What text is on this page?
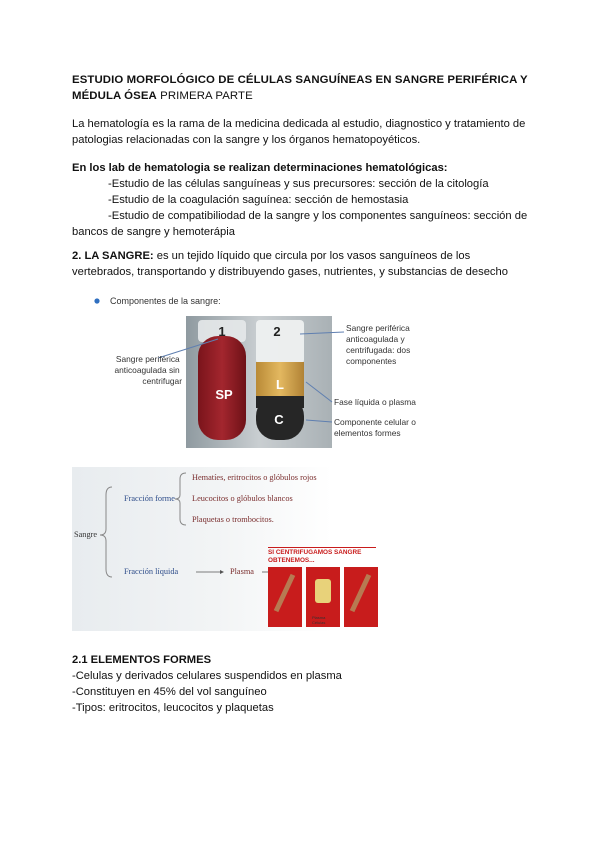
ESTUDIO MORFOLÓGICO DE CÉLULAS SANGUÍNEAS EN SANGRE PERIFÉRICA Y
MÉDULA ÓSEA PRIMERA PARTE
La hematología es la rama de la medicina dedicada al estudio, diagnostico y tratamiento de patologias relacionadas con la sangre y los órganos hematopoyéticos.
En los lab de hematologia se realizan determinaciones hematológicas:
-Estudio de las células sanguíneas y sus precursores: sección de la citología
-Estudio de la coagulación saguínea: sección de hemostasia
-Estudio de compatibiliodad de la sangre y los componentes sanguíneos: sección de
bancos de sangre y hemoterápia
2. LA SANGRE: es un tejido líquido que circula por los vasos sanguíneos de los vertebrados, transportando y distribuyendo gases, nutrientes, y substancias de desecho
Componentes de la sangre:
1
SP
2
L
C
Sangre periférica anticoagulada sin centrifugar
Sangre periférica anticoagulada y centrifugada: dos componentes
Fase líquida o plasma
Componente celular o elementos formes
Sangre
Fracción forme
Fracción líquida	Plasma
Hematíes, eritrocitos o glóbulos rojos
Leucocitos o glóbulos blancos
Plaquetas o trombocitos.
SI CENTRIFUGAMOS SANGRE OBTENEMOS...
Plasma
Células
2.1 ELEMENTOS FORMES
-Celulas y derivados celulares suspendidos en plasma
-Constituyen en 45% del vol sanguíneo
-Tipos: eritrocitos, leucocitos y plaquetas
